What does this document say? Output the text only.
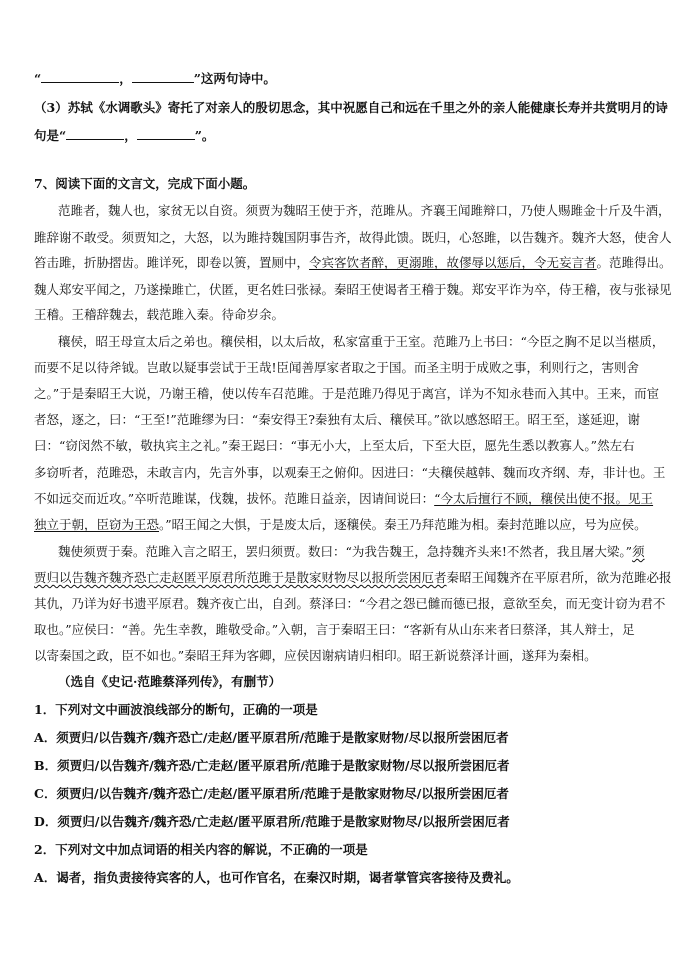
“	，	”这两句诗中。
（3）苏轼《水调歌头》寄托了对亲人的殷切思念，其中祝愿自己和远在千里之外的亲人能健康长寿并共赏明月的诗
句是“	，	”。
7、阅读下面的文言文，完成下面小题。
范雎者，魏人也，家贫无以自资。须贾为魏昭王使于齐，范雎从。齐襄王闻雎辩口，乃使人赐雎金十斤及牛酒，
雎辞谢不敢受。须贾知之，大怒，以为雎持魏国阴事告齐，故得此馈。既归，心怒雎，以告魏齐。魏齐大怒，使舍人
笞击雎，折胁摺齿。雎详死，即卷以箦，置厕中，令宾客饮者醉，更溺雎，故僇辱以惩后，令无妄言者。范雎得出。
魏人郑安平闻之，乃遂操雎亡，伏匿，更名姓曰张禄。秦昭王使谒者王稽于魏。郑安平诈为卒，侍王稽，夜与张禄见
王稽。王稽辞魏去，载范雎入秦。待命岁余。
穰侯，昭王母宣太后之弟也。穰侯相，以太后故，私家富重于王室。范雎乃上书曰：“今臣之胸不足以当椹质，
而要不足以待斧钺。岂敢以疑事尝试于王哉!臣闻善厚家者取之于国。而圣主明于成败之事，利则行之，害则舍
之。”于是秦昭王大说，乃谢王稽，使以传车召范雎。于是范雎乃得见于离宫，详为不知永巷而入其中。王来，而宦
者怒，逐之，曰：“王至!”范雎缪为曰：“秦安得王?秦独有太后、穰侯耳。”欲以感怒昭王。昭王至，遂延迎，谢
曰：“窃闵然不敏，敬执宾主之礼。”秦王跽曰：“事无小大，上至太后，下至大臣，愿先生悉以教寡人。”然左右
多窃听者，范雎恐，未敢言内，先言外事，以观秦王之俯仰。因进曰：“夫穰侯越韩、魏而攻齐纲、寿，非计也。王
不如远交而近攻。”卒听范雎谋，伐魏，拔怀。范雎日益亲，因请间说曰：“今太后擅行不顾，穰侯出使不报。见王
独立于朝，臣窃为王恐。”昭王闻之大惧，于是废太后，逐穰侯。秦王乃拜范雎为相。秦封范雎以应，号为应侯。
魏使须贾于秦。范雎入言之昭王，罢归须贾。数曰：“为我告魏王，急持魏齐头来!不然者，我且屠大梁。”须
贾归以告魏齐魏齐恐亡走赵匿平原君所范雎于是散家财物尽以报所尝困厄者秦昭王闻魏齐在平原君所，欲为范雎必报
其仇，乃详为好书遗平原君。魏齐夜亡出，自刭。蔡泽曰：“今君之怨已雠而德已报，意欲至矣，而无变计窃为君不
取也。”应侯曰：“善。先生幸教，雎敬受命。”入朝，言于秦昭王曰：“客新有从山东来者曰蔡泽，其人辩士，足
以寄秦国之政，臣不如也。”秦昭王拜为客卿，应侯因谢病请归相印。昭王新说蔡泽计画，遂拜为秦相。
（选自《史记·范雎蔡泽列传》，有删节）
1．下列对文中画波浪线部分的断句，正确的一项是
A．须贾归/以告魏齐/魏齐恐亡/走赵/匿平原君所/范雎于是散家财物/尽以报所尝困厄者
B．须贾归/以告魏齐/魏齐恐/亡走赵/匿平原君所/范雎于是散家财物/尽以报所尝困厄者
C．须贾归/以告魏齐/魏齐恐亡/走赵/匿平原君所/范雎于是散家财物尽/以报所尝困厄者
D．须贾归/以告魏齐/魏齐恐/亡走赵/匿平原君所/范雎于是散家财物尽/以报所尝困厄者
2．下列对文中加点词语的相关内容的解说，不正确的一项是
A．谒者，指负责接待宾客的人，也可作官名，在秦汉时期，谒者掌管宾客接待及费礼。
